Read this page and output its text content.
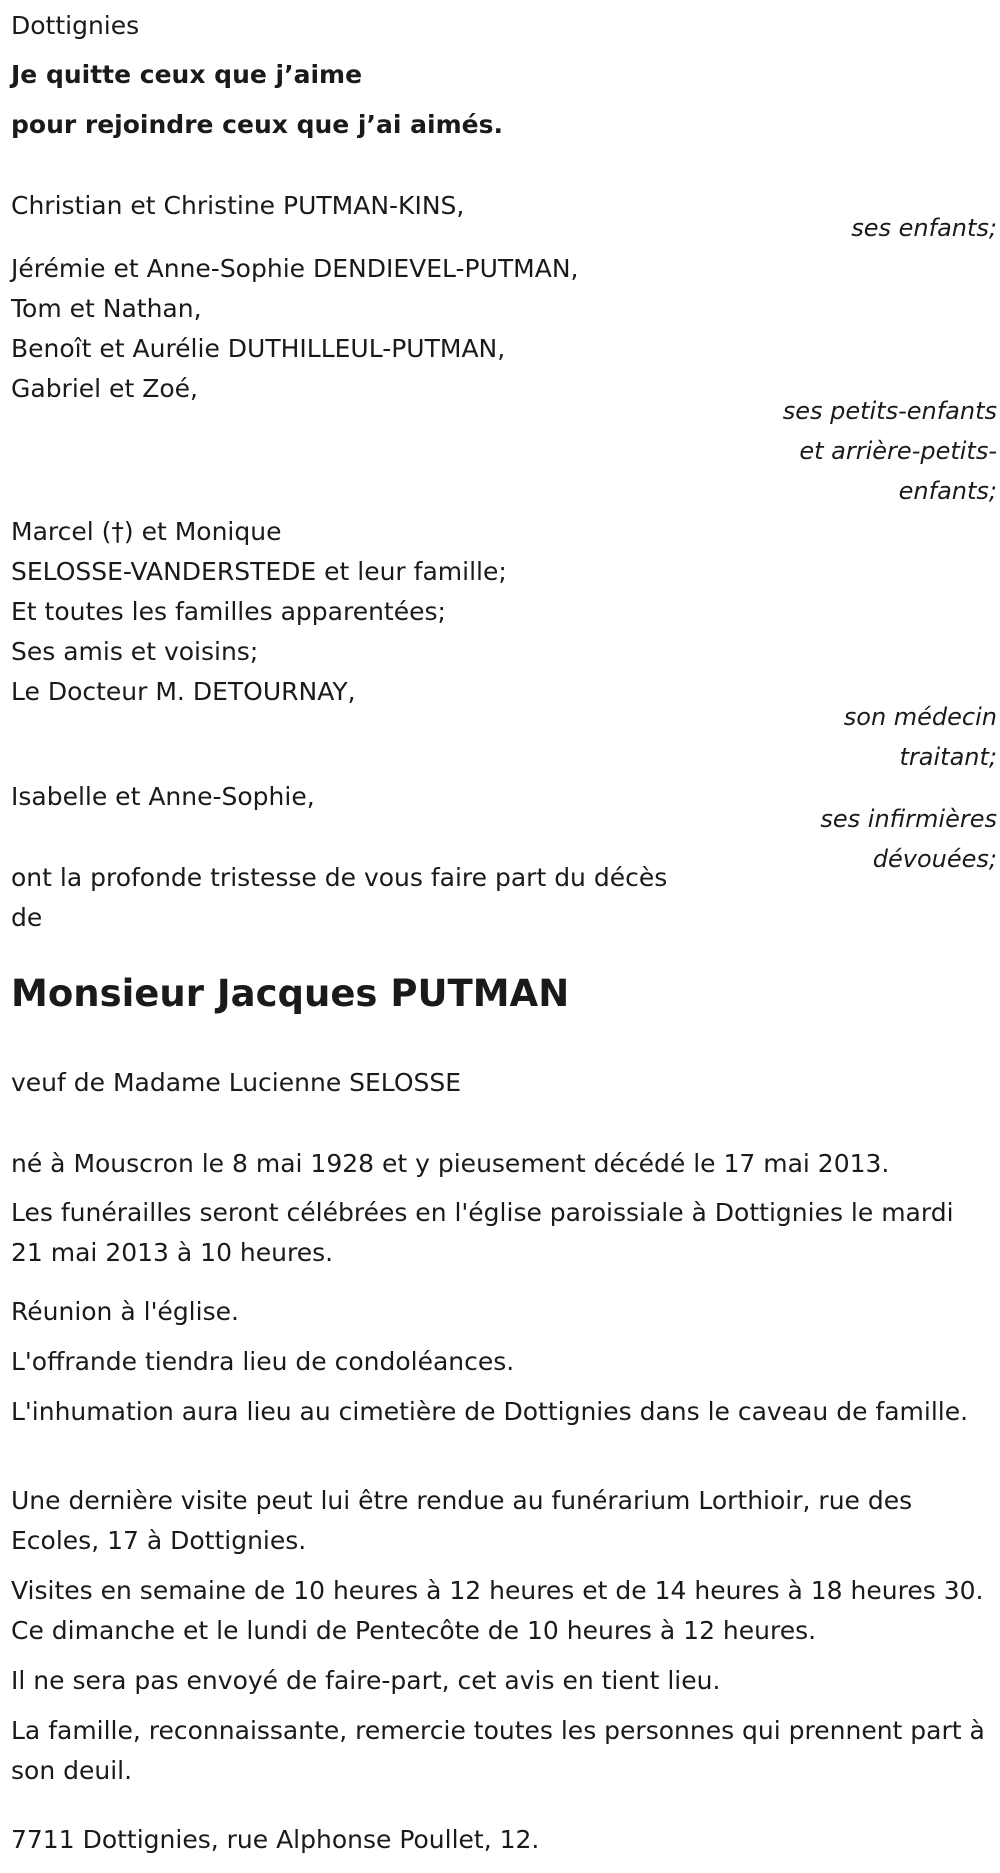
Dottignies
Je quitte ceux que j’aime
pour rejoindre ceux que j’ai aimés.
Christian et Christine PUTMAN-KINS,
ses enfants;
Jérémie et Anne-Sophie DENDIEVEL-PUTMAN,
Tom et Nathan,
Benoît et Aurélie DUTHILLEUL-PUTMAN,
Gabriel et Zoé,
ses petits-enfants
et arrière-petits-
enfants;
Marcel (†) et Monique
SELOSSE-VANDERSTEDE et leur famille;
Et toutes les familles apparentées;
Ses amis et voisins;
Le Docteur M. DETOURNAY,
son médecin
traitant;
Isabelle et Anne-Sophie,
ses infirmières
dévouées;
ont la profonde tristesse de vous faire part du décès
de
Monsieur Jacques PUTMAN
veuf de Madame Lucienne SELOSSE
né à Mouscron le 8 mai 1928 et y pieusement décédé le 17 mai 2013.
Les funérailles seront célébrées en l'église paroissiale à Dottignies le mardi 21 mai 2013 à 10 heures.
Réunion à l'église.
L'offrande tiendra lieu de condoléances.
L'inhumation aura lieu au cimetière de Dottignies dans le caveau de famille.
Une dernière visite peut lui être rendue au funérarium Lorthioir, rue des Ecoles, 17 à Dottignies.
Visites en semaine de 10 heures à 12 heures et de 14 heures à 18 heures 30. Ce dimanche et le lundi de Pentecôte de 10 heures à 12 heures.
Il ne sera pas envoyé de faire-part, cet avis en tient lieu.
La famille, reconnaissante, remercie toutes les personnes qui prennent part à son deuil.
7711 Dottignies, rue Alphonse Poullet, 12.
